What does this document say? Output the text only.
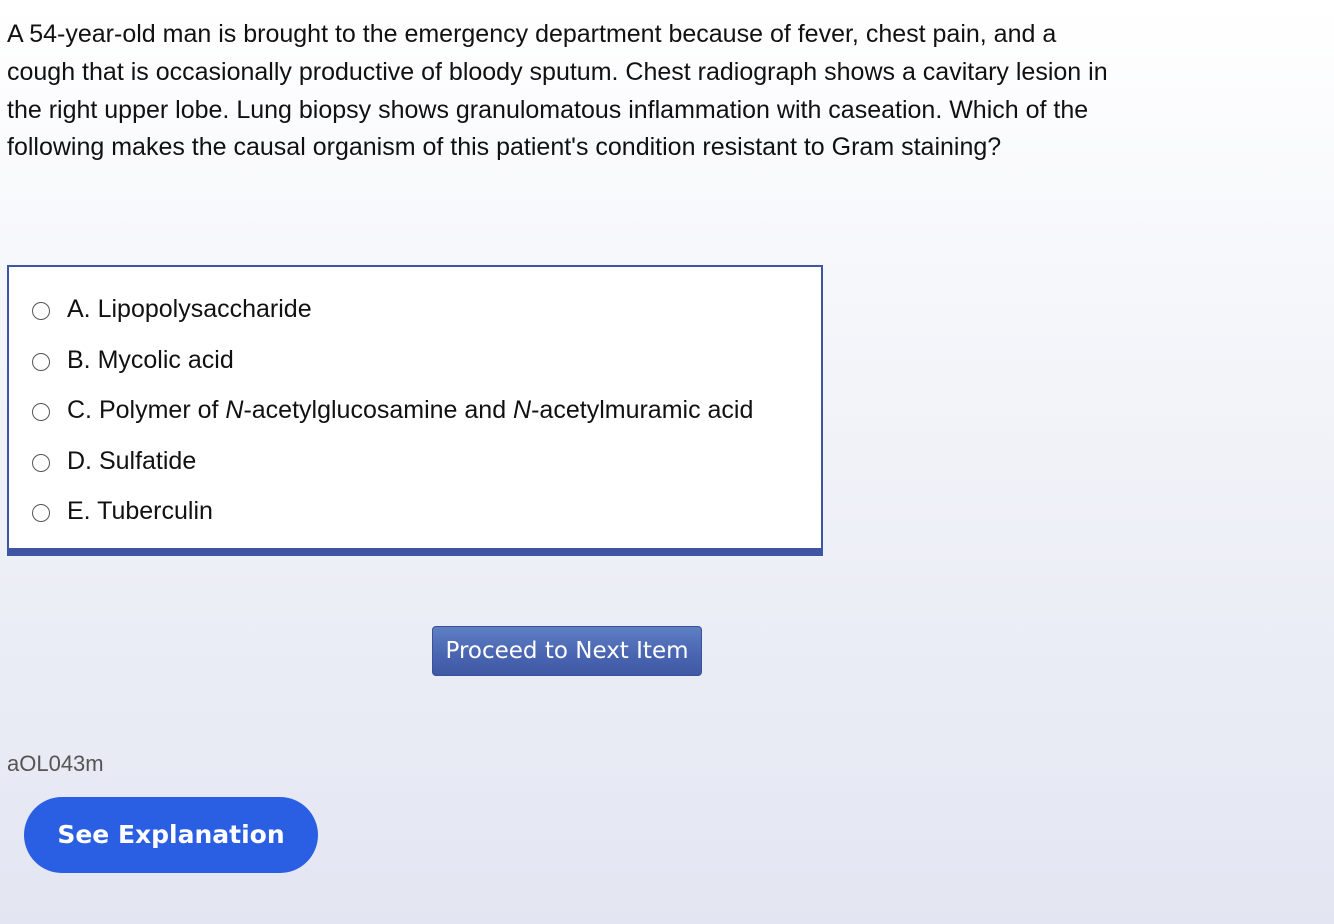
A 54-year-old man is brought to the emergency department because of fever, chest pain, and a cough that is occasionally productive of bloody sputum. Chest radiograph shows a cavitary lesion in the right upper lobe. Lung biopsy shows granulomatous inflammation with caseation. Which of the following makes the causal organism of this patient's condition resistant to Gram staining?

A. Lipopolysaccharide
B. Mycolic acid
C. Polymer of N-acetylglucosamine and N-acetylmuramic acid
D. Sulfatide
E. Tuberculin
Proceed to Next Item
aOL043m
See Explanation
